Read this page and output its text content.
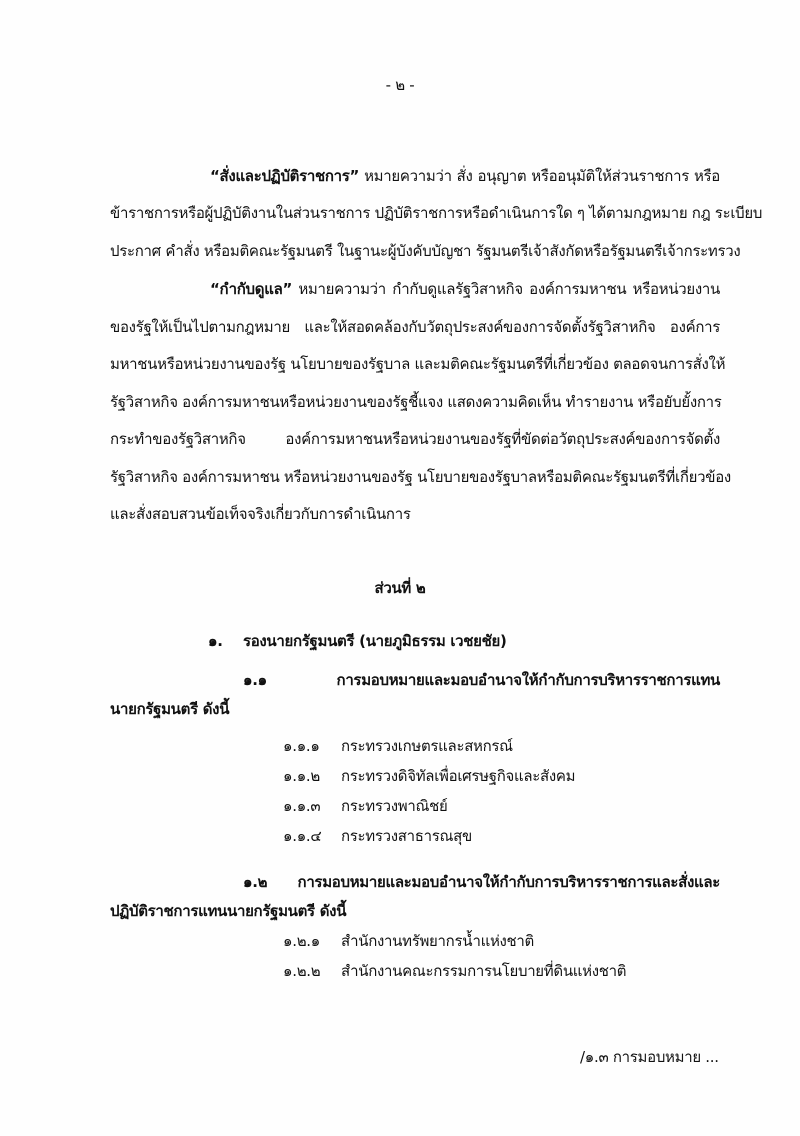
- ๒ -
“สั่งและปฏิบัติราชการ” หมายความว่า สั่ง อนุญาต หรืออนุมัติให้ส่วนราชการ หรือ
ข้าราชการหรือผู้ปฏิบัติงานในส่วนราชการ ปฏิบัติราชการหรือดำเนินการใด ๆ ได้ตามกฎหมาย กฎ ระเบียบ
ประกาศ คำสั่ง หรือมติคณะรัฐมนตรี ในฐานะผู้บังคับบัญชา รัฐมนตรีเจ้าสังกัดหรือรัฐมนตรีเจ้ากระทรวง
“กำกับดูแล” หมายความว่า กำกับดูแลรัฐวิสาหกิจ องค์การมหาชน หรือหน่วยงาน
ของรัฐให้เป็นไปตามกฎหมาย และให้สอดคล้องกับวัตถุประสงค์ของการจัดตั้งรัฐวิสาหกิจ องค์การ
มหาชนหรือหน่วยงานของรัฐ นโยบายของรัฐบาล และมติคณะรัฐมนตรีที่เกี่ยวข้อง ตลอดจนการสั่งให้
รัฐวิสาหกิจ องค์การมหาชนหรือหน่วยงานของรัฐชี้แจง แสดงความคิดเห็น ทำรายงาน หรือยับยั้งการ
กระทำของรัฐวิสาหกิจ องค์การมหาชนหรือหน่วยงานของรัฐที่ขัดต่อวัตถุประสงค์ของการจัดตั้ง
รัฐวิสาหกิจ องค์การมหาชน หรือหน่วยงานของรัฐ นโยบายของรัฐบาลหรือมติคณะรัฐมนตรีที่เกี่ยวข้อง
และสั่งสอบสวนข้อเท็จจริงเกี่ยวกับการดำเนินการ
ส่วนที่ ๒
๑. รองนายกรัฐมนตรี (นายภูมิธรรม เวชยชัย)
๑.๑	การมอบหมายและมอบอำนาจให้กำกับการบริหารราชการแทน
นายกรัฐมนตรี ดังนี้
๑.๑.๑ กระทรวงเกษตรและสหกรณ์
๑.๑.๒ กระทรวงดิจิทัลเพื่อเศรษฐกิจและสังคม
๑.๑.๓ กระทรวงพาณิชย์
๑.๑.๔ กระทรวงสาธารณสุข
๑.๒ การมอบหมายและมอบอำนาจให้กำกับการบริหารราชการและสั่งและ
ปฏิบัติราชการแทนนายกรัฐมนตรี ดังนี้
๑.๒.๑ สำนักงานทรัพยากรน้ำแห่งชาติ
๑.๒.๒ สำนักงานคณะกรรมการนโยบายที่ดินแห่งชาติ
/๑.๓ การมอบหมาย ...
